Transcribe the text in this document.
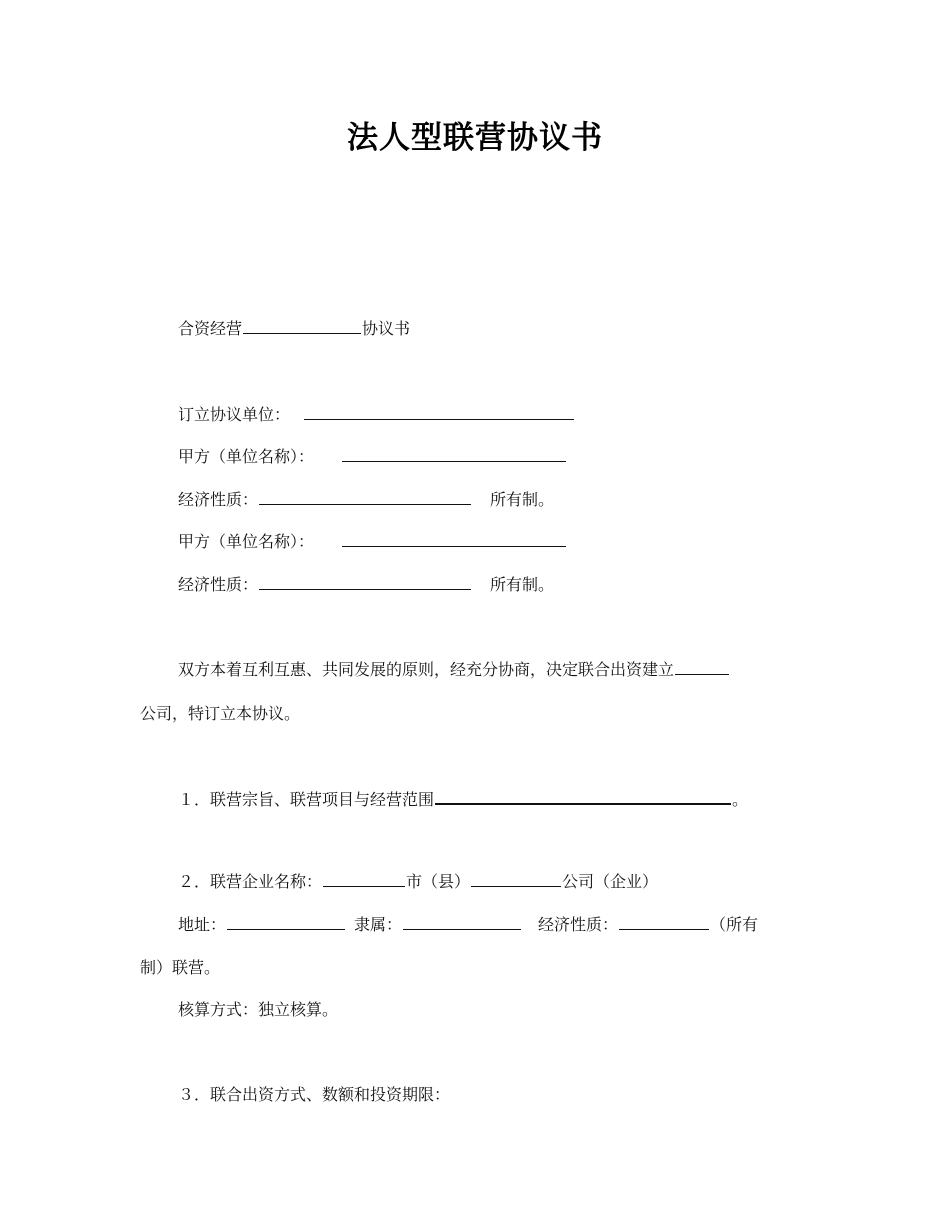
法人型联营协议书
合资经营	协议书
订立协议单位：
甲方（单位名称）：
经济性质：	所有制。
甲方（单位名称）：
经济性质：	所有制。
双方本着互利互惠、共同发展的原则，经充分协商，决定联合出资建立
公司，特订立本协议。
１．联营宗旨、联营项目与经营范围	。
２．联营企业名称：	市（县）	公司（企业）
地址：	隶属：	经济性质：	（所有
制）联营。
核算方式：独立核算。
３．联合出资方式、数额和投资期限：
